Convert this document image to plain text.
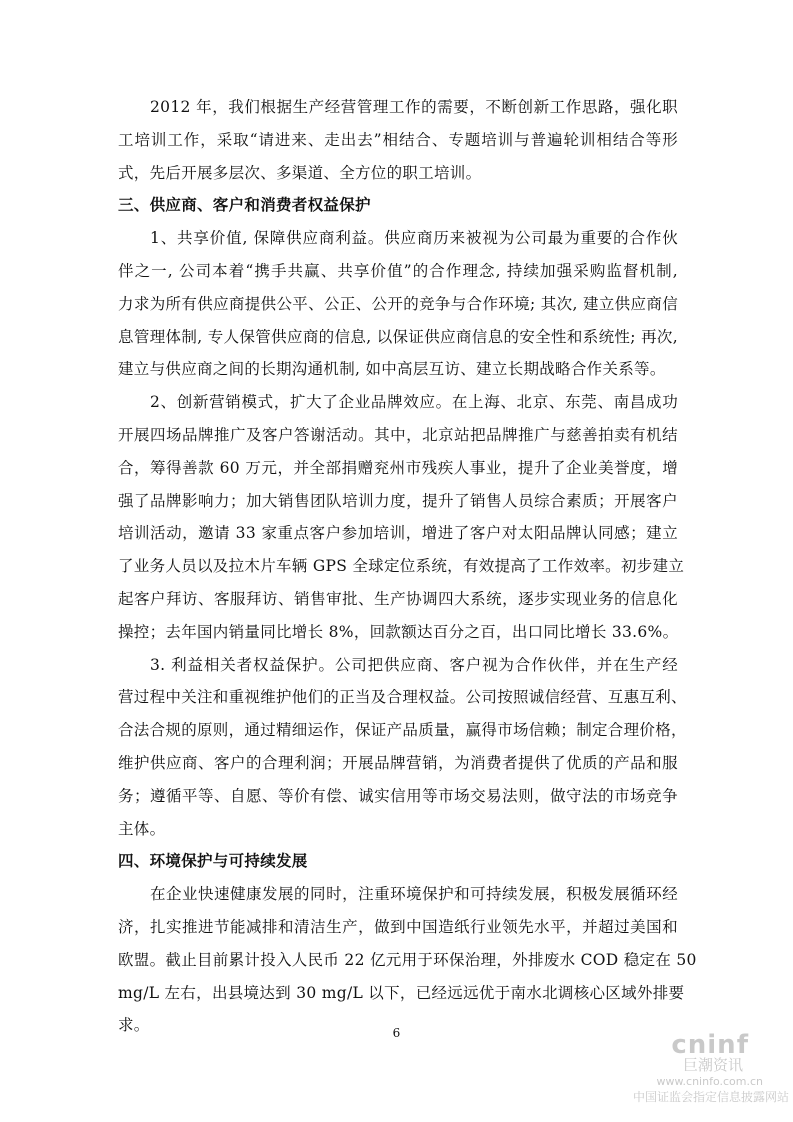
2012 年，我们根据生产经营管理工作的需要，不断创新工作思路，强化职
工培训工作，采取“请进来、走出去”相结合、专题培训与普遍轮训相结合等形
式，先后开展多层次、多渠道、全方位的职工培训。
三、供应商、客户和消费者权益保护
1、共享价值, 保障供应商利益。供应商历来被视为公司最为重要的合作伙
伴之一, 公司本着“携手共赢、共享价值”的合作理念, 持续加强采购监督机制,
力求为所有供应商提供公平、公正、公开的竞争与合作环境; 其次, 建立供应商信
息管理体制, 专人保管供应商的信息, 以保证供应商信息的安全性和系统性; 再次,
建立与供应商之间的长期沟通机制, 如中高层互访、建立长期战略合作关系等。
2、创新营销模式，扩大了企业品牌效应。在上海、北京、东莞、南昌成功
开展四场品牌推广及客户答谢活动。其中，北京站把品牌推广与慈善拍卖有机结
合，筹得善款 60 万元，并全部捐赠兖州市残疾人事业，提升了企业美誉度，增
强了品牌影响力；加大销售团队培训力度，提升了销售人员综合素质；开展客户
培训活动，邀请 33 家重点客户参加培训，增进了客户对太阳品牌认同感；建立
了业务人员以及拉木片车辆 GPS 全球定位系统，有效提高了工作效率。初步建立
起客户拜访、客服拜访、销售审批、生产协调四大系统，逐步实现业务的信息化
操控；去年国内销量同比增长 8%，回款额达百分之百，出口同比增长 33.6%。
3. 利益相关者权益保护。公司把供应商、客户视为合作伙伴，并在生产经
营过程中关注和重视维护他们的正当及合理权益。公司按照诚信经营、互惠互利、
合法合规的原则，通过精细运作，保证产品质量，赢得市场信赖；制定合理价格，
维护供应商、客户的合理利润；开展品牌营销，为消费者提供了优质的产品和服
务；遵循平等、自愿、等价有偿、诚实信用等市场交易法则，做守法的市场竞争
主体。
四、环境保护与可持续发展
在企业快速健康发展的同时，注重环境保护和可持续发展，积极发展循环经
济，扎实推进节能减排和清洁生产，做到中国造纸行业领先水平，并超过美国和
欧盟。截止目前累计投入人民币 22 亿元用于环保治理，外排废水 COD 稳定在 50
mg/L 左右，出县境达到 30 mg/L 以下，已经远远优于南水北调核心区域外排要
求。	6	cninf
巨潮资讯
www.cninfo.com.cn
中国证监会指定信息披露网站
